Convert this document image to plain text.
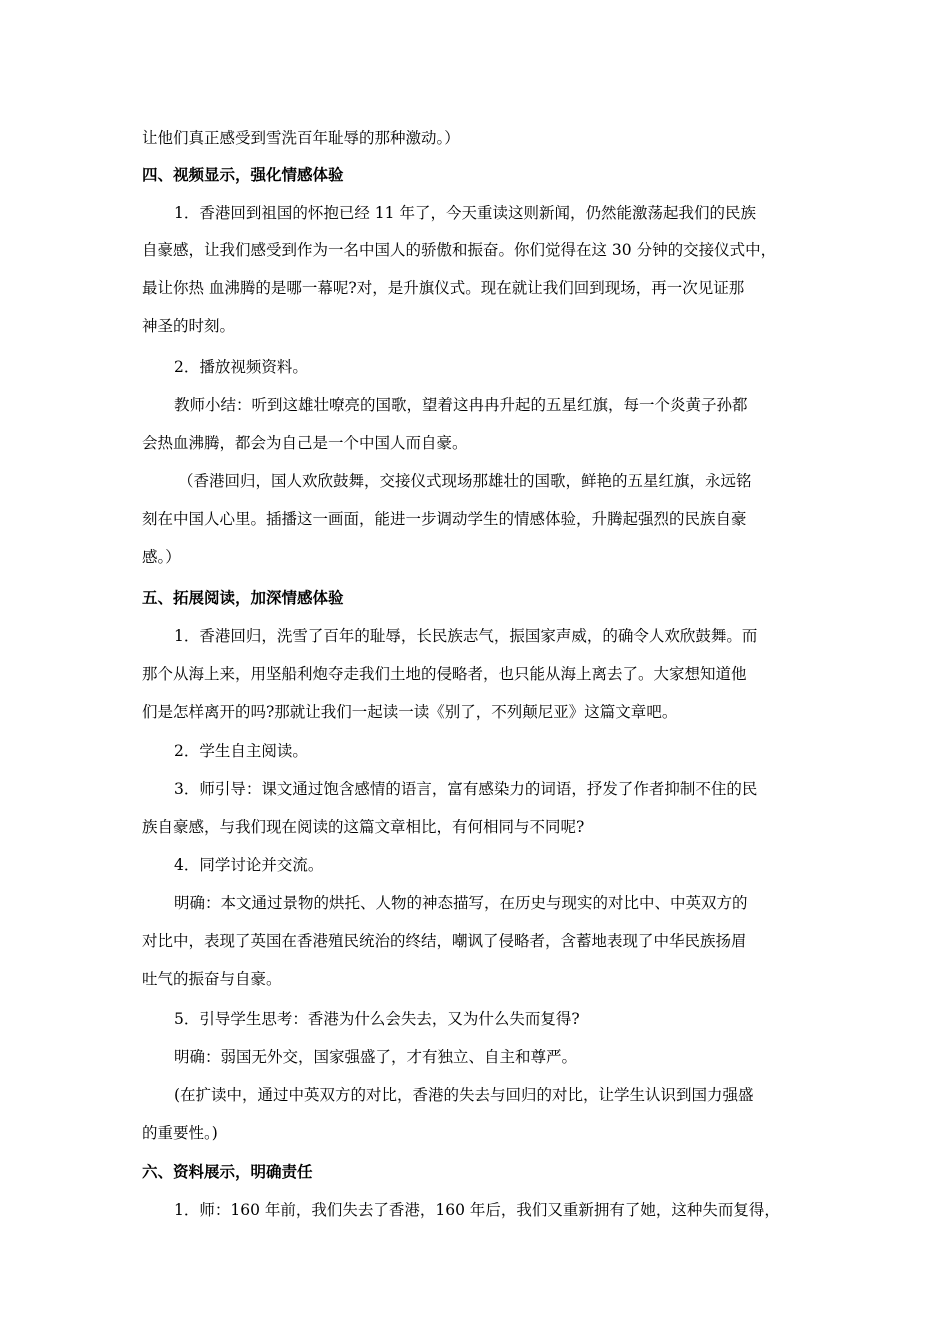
让他们真正感受到雪洗百年耻辱的那种激动。）
四、视频显示，强化情感体验
1．香港回到祖国的怀抱已经 11 年了，今天重读这则新闻，仍然能激荡起我们的民族
自豪感，让我们感受到作为一名中国人的骄傲和振奋。你们觉得在这 30 分钟的交接仪式中，
最让你热 血沸腾的是哪一幕呢?对，是升旗仪式。现在就让我们回到现场，再一次见证那
神圣的时刻。
2．播放视频资料。
教师小结：听到这雄壮嘹亮的国歌，望着这冉冉升起的五星红旗，每一个炎黄子孙都
会热血沸腾，都会为自己是一个中国人而自豪。
（香港回归，国人欢欣鼓舞，交接仪式现场那雄壮的国歌，鲜艳的五星红旗，永远铭
刻在中国人心里。插播这一画面，能进一步调动学生的情感体验，升腾起强烈的民族自豪
感。）
五、拓展阅读，加深情感体验
1．香港回归，洗雪了百年的耻辱，长民族志气，振国家声威，的确令人欢欣鼓舞。而
那个从海上来，用坚船利炮夺走我们土地的侵略者，也只能从海上离去了。大家想知道他
们是怎样离开的吗?那就让我们一起读一读《别了，不列颠尼亚》这篇文章吧。
2．学生自主阅读。
3．师引导：课文通过饱含感情的语言，富有感染力的词语，抒发了作者抑制不住的民
族自豪感，与我们现在阅读的这篇文章相比，有何相同与不同呢?
4．同学讨论并交流。
明确：本文通过景物的烘托、人物的神态描写，在历史与现实的对比中、中英双方的
对比中，表现了英国在香港殖民统治的终结，嘲讽了侵略者，含蓄地表现了中华民族扬眉
吐气的振奋与自豪。
5．引导学生思考：香港为什么会失去，又为什么失而复得?
明确：弱国无外交，国家强盛了，才有独立、自主和尊严。
(在扩读中，通过中英双方的对比，香港的失去与回归的对比，让学生认识到国力强盛
的重要性。)
六、资料展示，明确责任
1．师：160 年前，我们失去了香港，160 年后，我们又重新拥有了她，这种失而复得，
